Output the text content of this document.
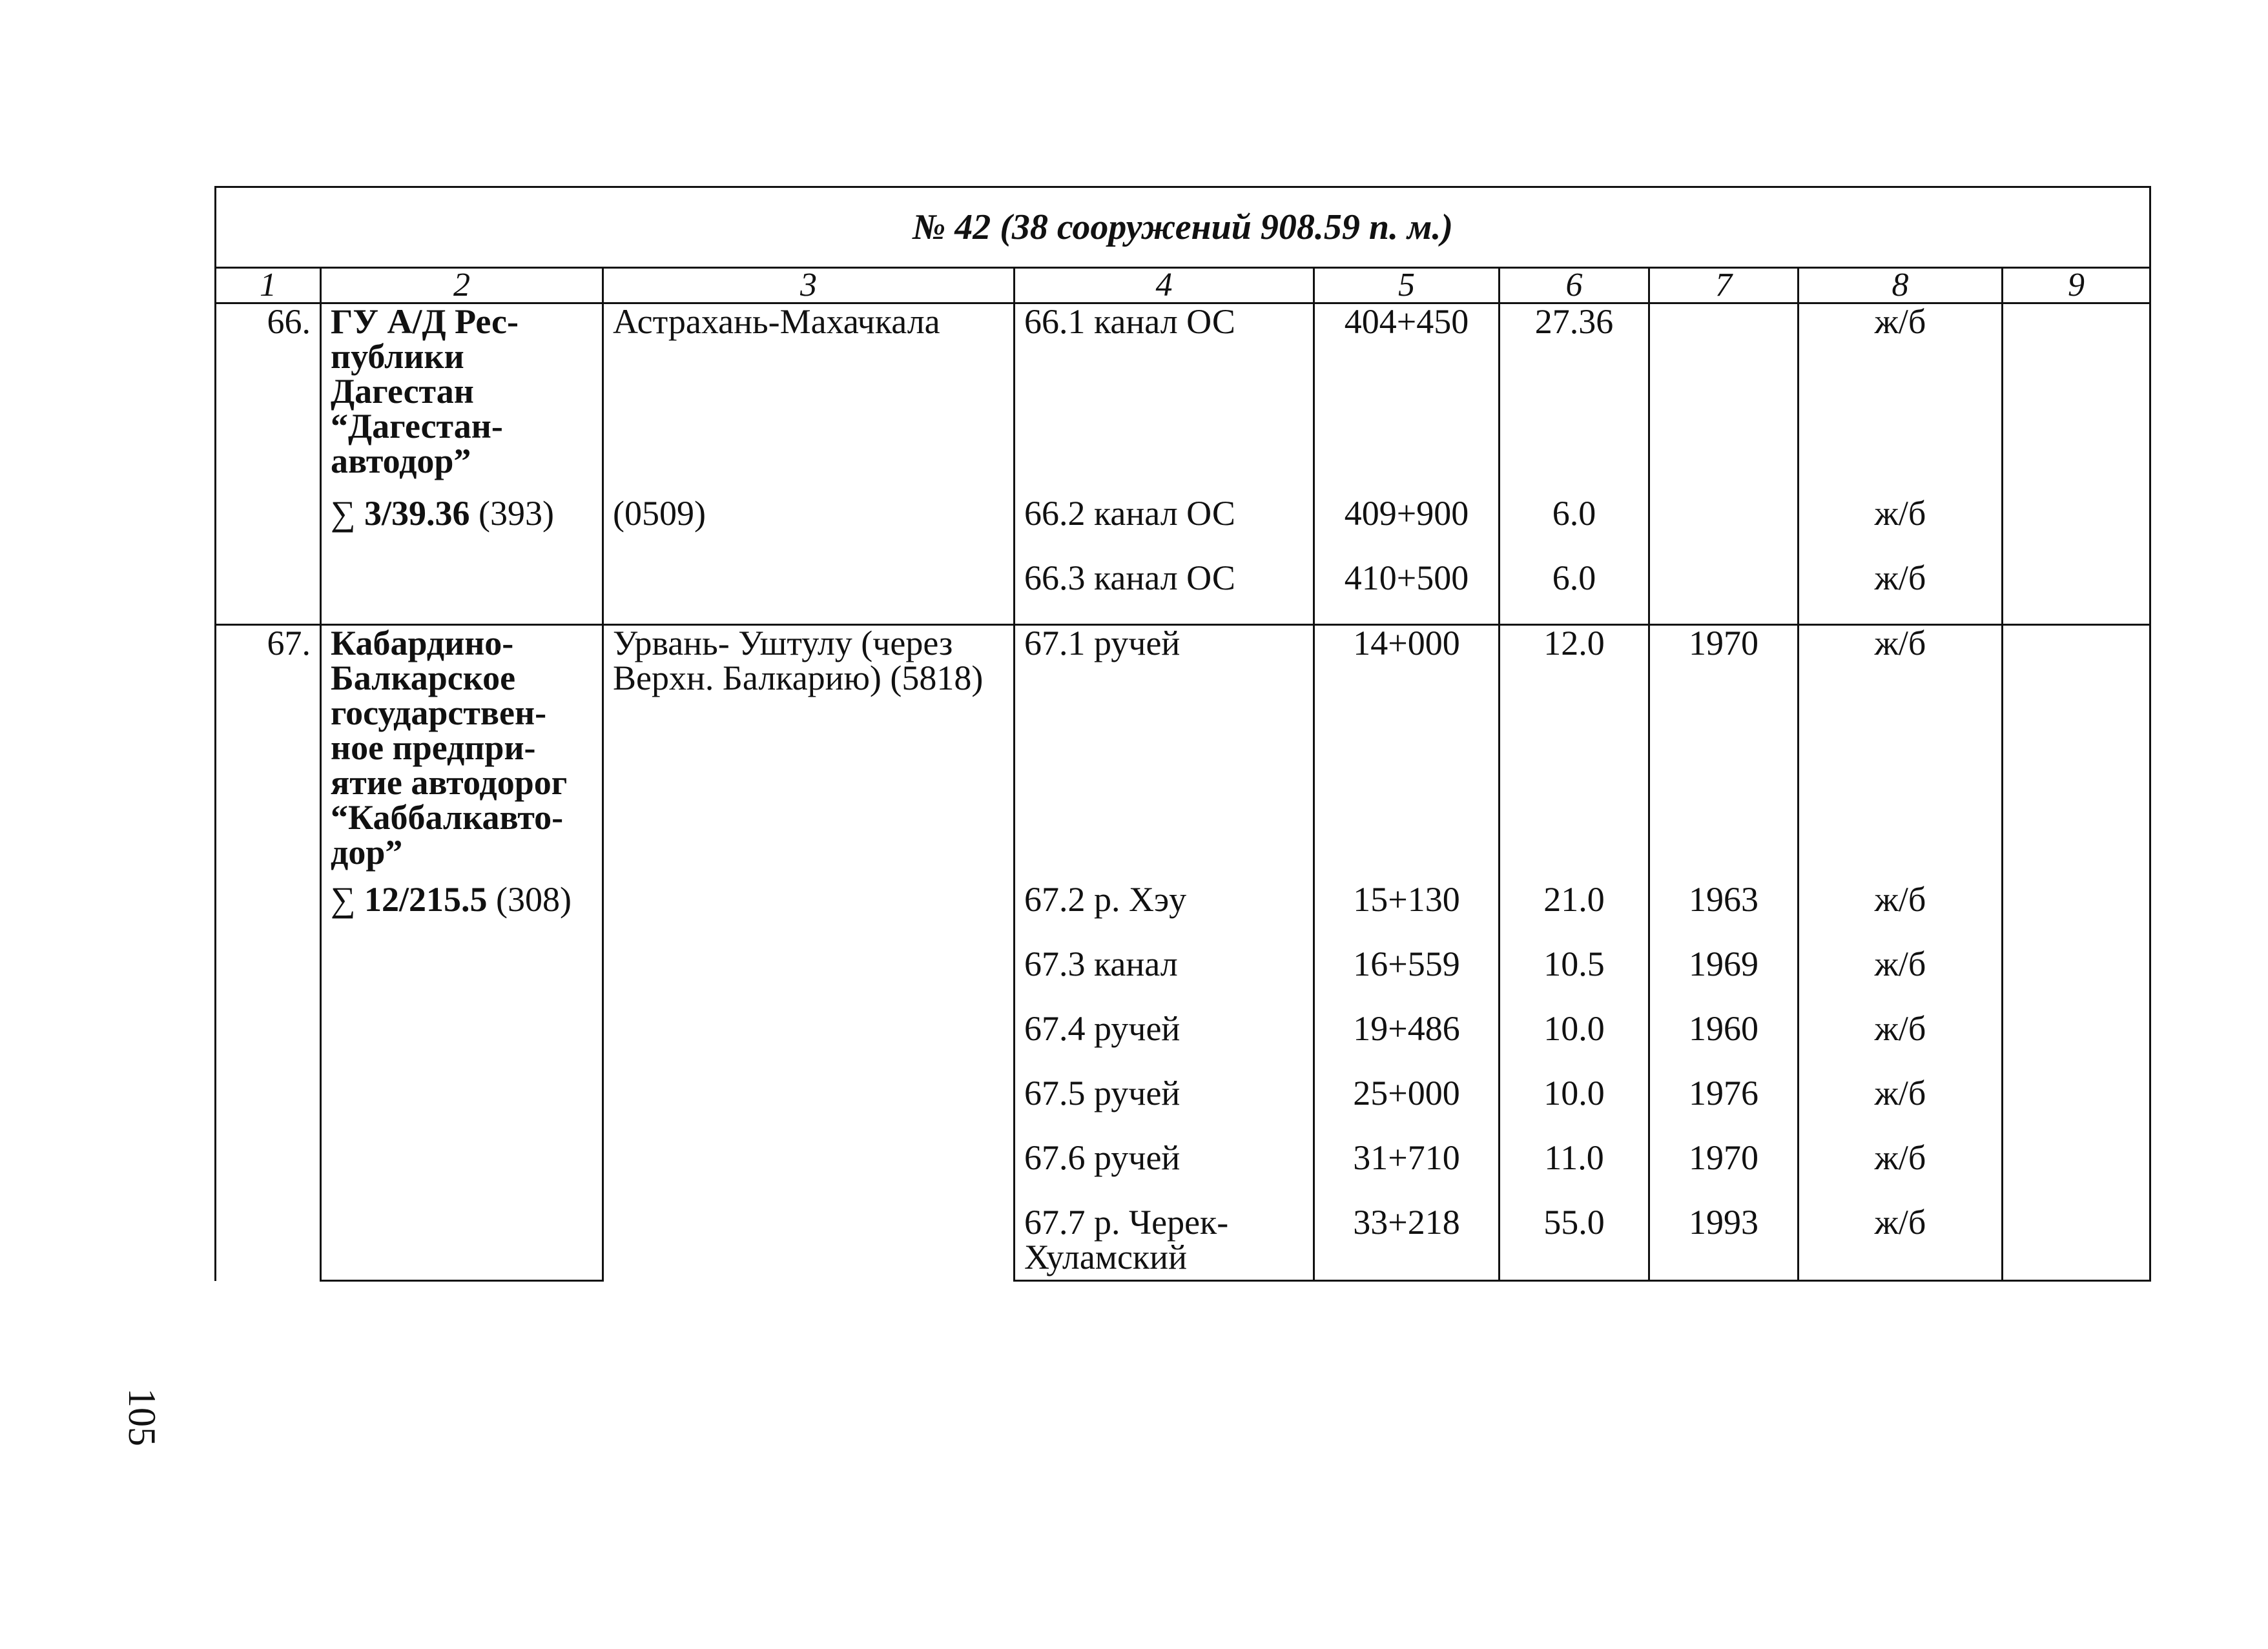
№ 42 (38 сооружений 908.59 п. м.)								
1	2	3	4	5	6	7	8	9
66.	ГУ А/Д Рес-публики Дагестан “Дагестан-автодор”	Астрахань-Махачкала	66.1 канал ОС	404+450	27.36		ж/б	
	∑ 3/39.36 (393)	(0509)	66.2 канал ОС	409+900	6.0		ж/б	
			66.3 канал ОС	410+500	6.0		ж/б	
67.	Кабардино-Балкарское государствен-ное предпри-ятие автодорог “Каббалкавто-дор”	Урвань- Уштулу (через Верхн. Балкарию) (5818)	67.1 ручей	14+000	12.0	1970	ж/б	
	∑ 12/215.5 (308)		67.2 р. Хэу	15+130	21.0	1963	ж/б	
			67.3 канал	16+559	10.5	1969	ж/б	
			67.4 ручей	19+486	10.0	1960	ж/б	
			67.5 ручей	25+000	10.0	1976	ж/б	
			67.6 ручей	31+710	11.0	1970	ж/б	
			67.7 р. Черек-Хуламский	33+218	55.0	1993	ж/б	
105
